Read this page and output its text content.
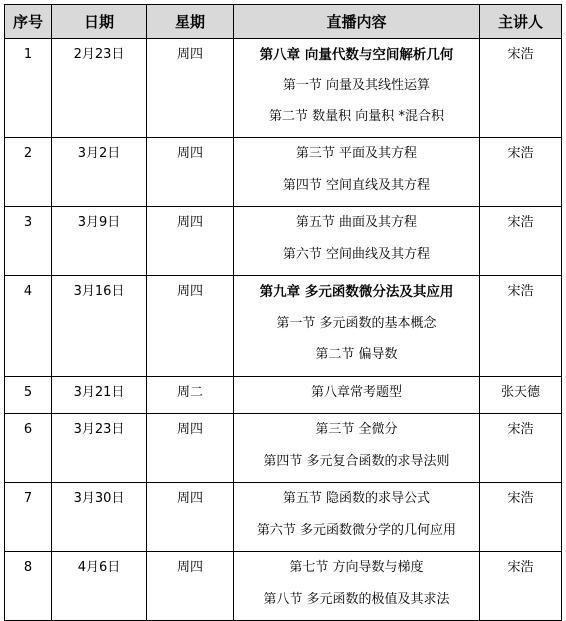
序号	日期	星期	直播内容	主讲人

1	2月23日	周四	第八章 向量代数与空间解析几何
第一节 向量及其线性运算
第二节 数量积 向量积 *混合积	宋浩

2	3月2日	周四	第三节 平面及其方程
第四节 空间直线及其方程	宋浩

3	3月9日	周四	第五节 曲面及其方程
第六节 空间曲线及其方程	宋浩

4	3月16日	周四	第九章 多元函数微分法及其应用
第一节 多元函数的基本概念
第二节 偏导数	宋浩

5	3月21日	周二	第八章常考题型	张天德

6	3月23日	周四	第三节 全微分
第四节 多元复合函数的求导法则	宋浩

7	3月30日	周四	第五节 隐函数的求导公式
第六节 多元函数微分学的几何应用	宋浩

8	4月6日	周四	第七节 方向导数与梯度
第八节 多元函数的极值及其求法	宋浩
